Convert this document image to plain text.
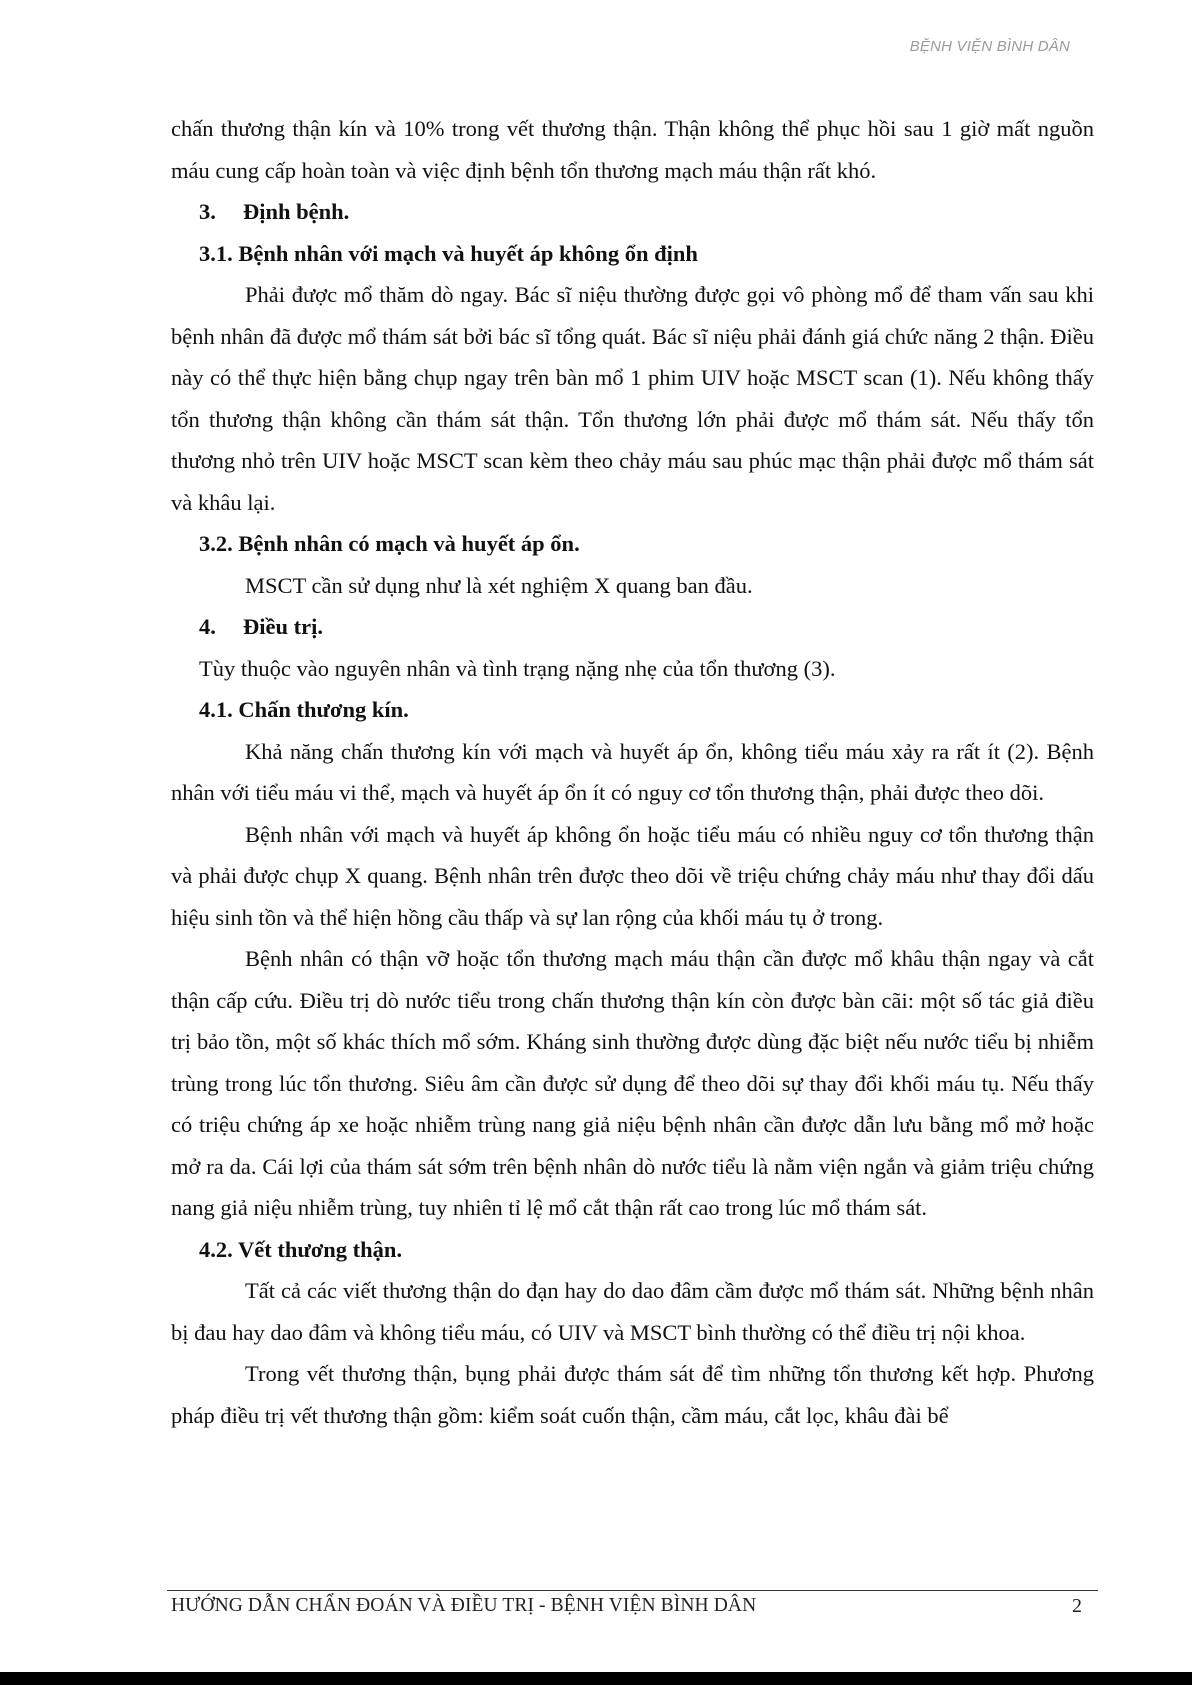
BỆNH VIỆN BÌNH DÂN

chấn thương thận kín và 10% trong vết thương thận. Thận không thể phục hồi sau 1 giờ mất nguồn máu cung cấp hoàn toàn và việc định bệnh tổn thương mạch máu thận rất khó.

3. Định bệnh.

3.1. Bệnh nhân với mạch và huyết áp không ổn định

Phải được mổ thăm dò ngay. Bác sĩ niệu thường được gọi vô phòng mổ để tham vấn sau khi bệnh nhân đã được mổ thám sát bởi bác sĩ tổng quát. Bác sĩ niệu phải đánh giá chức năng 2 thận. Điều này có thể thực hiện bằng chụp ngay trên bàn mổ 1 phim UIV hoặc MSCT scan (1). Nếu không thấy tổn thương thận không cần thám sát thận. Tổn thương lớn phải được mổ thám sát. Nếu thấy tổn thương nhỏ trên UIV hoặc MSCT scan kèm theo chảy máu sau phúc mạc thận phải được mổ thám sát và khâu lại.

3.2. Bệnh nhân có mạch và huyết áp ổn.

MSCT cần sử dụng như là xét nghiệm X quang ban đầu.

4. Điều trị.

Tùy thuộc vào nguyên nhân và tình trạng nặng nhẹ của tổn thương (3).

4.1. Chấn thương kín.

Khả năng chấn thương kín với mạch và huyết áp ổn, không tiểu máu xảy ra rất ít (2). Bệnh nhân với tiểu máu vi thể, mạch và huyết áp ổn ít có nguy cơ tổn thương thận, phải được theo dõi.

Bệnh nhân với mạch và huyết áp không ổn hoặc tiểu máu có nhiều nguy cơ tổn thương thận và phải được chụp X quang. Bệnh nhân trên được theo dõi về triệu chứng chảy máu như thay đổi dấu hiệu sinh tồn và thể hiện hồng cầu thấp và sự lan rộng của khối máu tụ ở trong.

Bệnh nhân có thận vỡ hoặc tổn thương mạch máu thận cần được mổ khâu thận ngay và cắt thận cấp cứu. Điều trị dò nước tiểu trong chấn thương thận kín còn được bàn cãi: một số tác giả điều trị bảo tồn, một số khác thích mổ sớm. Kháng sinh thường được dùng đặc biệt nếu nước tiểu bị nhiễm trùng trong lúc tổn thương. Siêu âm cần được sử dụng để theo dõi sự thay đổi khối máu tụ. Nếu thấy có triệu chứng áp xe hoặc nhiễm trùng nang giả niệu bệnh nhân cần được dẫn lưu bằng mổ mở hoặc mở ra da. Cái lợi của thám sát sớm trên bệnh nhân dò nước tiểu là nằm viện ngắn và giảm triệu chứng nang giả niệu nhiễm trùng, tuy nhiên tỉ lệ mổ cắt thận rất cao trong lúc mổ thám sát.

4.2. Vết thương thận.

Tất cả các viết thương thận do đạn hay do dao đâm cầm được mổ thám sát. Những bệnh nhân bị đau hay dao đâm và không tiểu máu, có UIV và MSCT bình thường có thể điều trị nội khoa.

Trong vết thương thận, bụng phải được thám sát để tìm những tổn thương kết hợp. Phương pháp điều trị vết thương thận gồm: kiểm soát cuốn thận, cầm máu, cắt lọc, khâu đài bể

HƯỚNG DẪN CHẨN ĐOÁN VÀ ĐIỀU TRỊ - BỆNH VIỆN BÌNH DÂN	2
